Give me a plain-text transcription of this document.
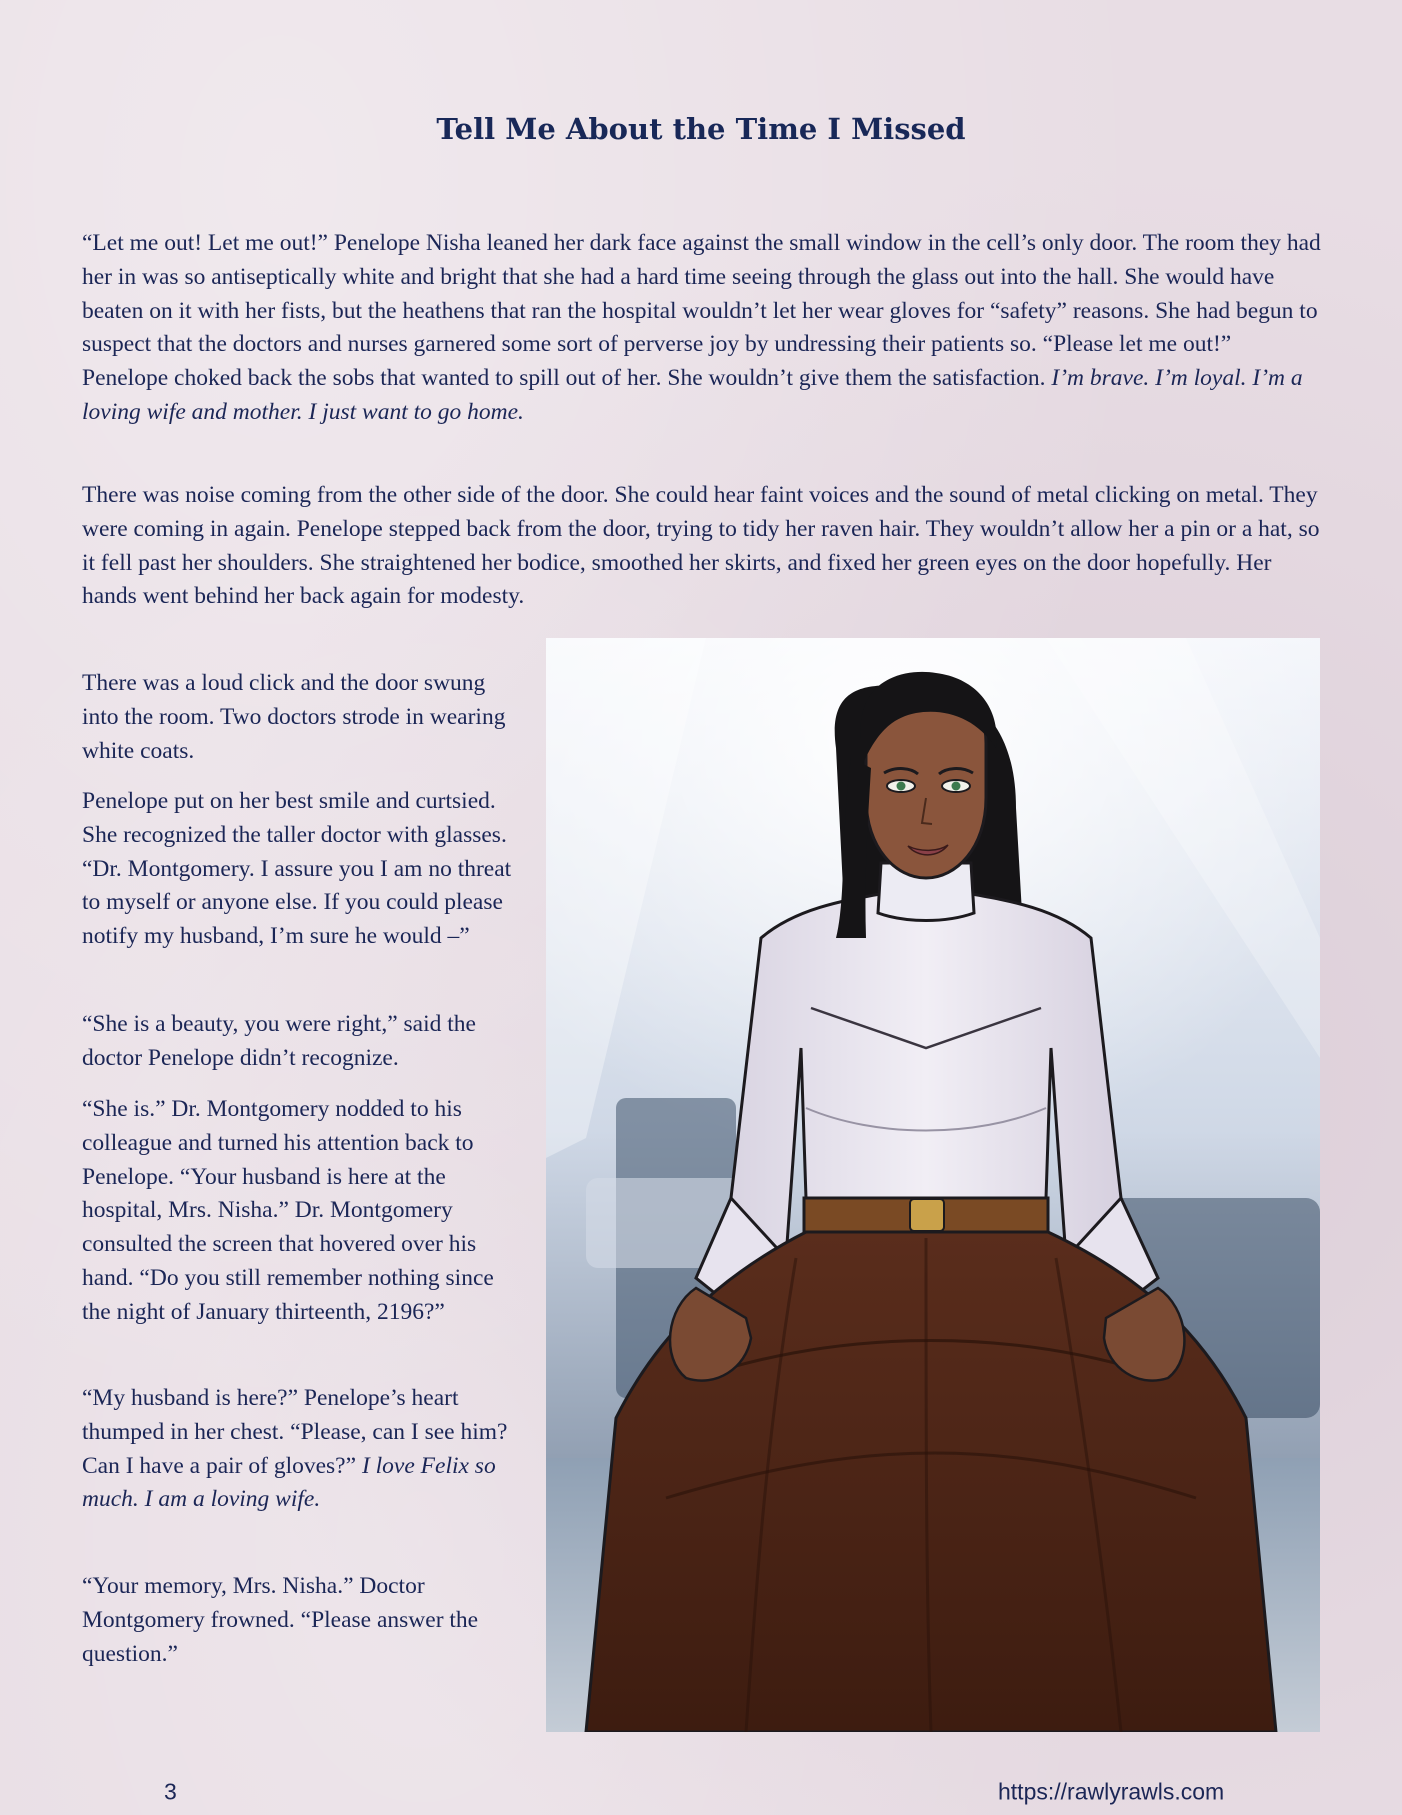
Tell Me About the Time I Missed

“Let me out! Let me out!” Penelope Nisha leaned her dark face against the small window in the cell’s only door. The room they had her in was so antiseptically white and bright that she had a hard time seeing through the glass out into the hall. She would have beaten on it with her fists, but the heathens that ran the hospital wouldn’t let her wear gloves for “safety” reasons. She had begun to suspect that the doctors and nurses garnered some sort of perverse joy by undressing their patients so. “Please let me out!” Penelope choked back the sobs that wanted to spill out of her. She wouldn’t give them the satisfaction. I’m brave. I’m loyal. I’m a loving wife and mother. I just want to go home.

There was noise coming from the other side of the door. She could hear faint voices and the sound of metal clicking on metal. They were coming in again. Penelope stepped back from the door, trying to tidy her raven hair. They wouldn’t allow her a pin or a hat, so it fell past her shoulders. She straightened her bodice, smoothed her skirts, and fixed her green eyes on the door hopefully. Her hands went behind her back again for modesty.

There was a loud click and the door swung into the room. Two doctors strode in wearing white coats.

Penelope put on her best smile and curtsied. She recognized the taller doctor with glasses. “Dr. Montgomery. I assure you I am no threat to myself or anyone else. If you could please notify my husband, I’m sure he would –”

“She is a beauty, you were right,” said the doctor Penelope didn’t recognize.

“She is.” Dr. Montgomery nodded to his colleague and turned his attention back to Penelope. “Your husband is here at the hospital, Mrs. Nisha.” Dr. Montgomery consulted the screen that hovered over his hand. “Do you still remember nothing since the night of January thirteenth, 2196?”

“My husband is here?” Penelope’s heart thumped in her chest. “Please, can I see him? Can I have a pair of gloves?” I love Felix so much. I am a loving wife.

“Your memory, Mrs. Nisha.” Doctor Montgomery frowned. “Please answer the question.”

3	https://rawlyrawls.com
